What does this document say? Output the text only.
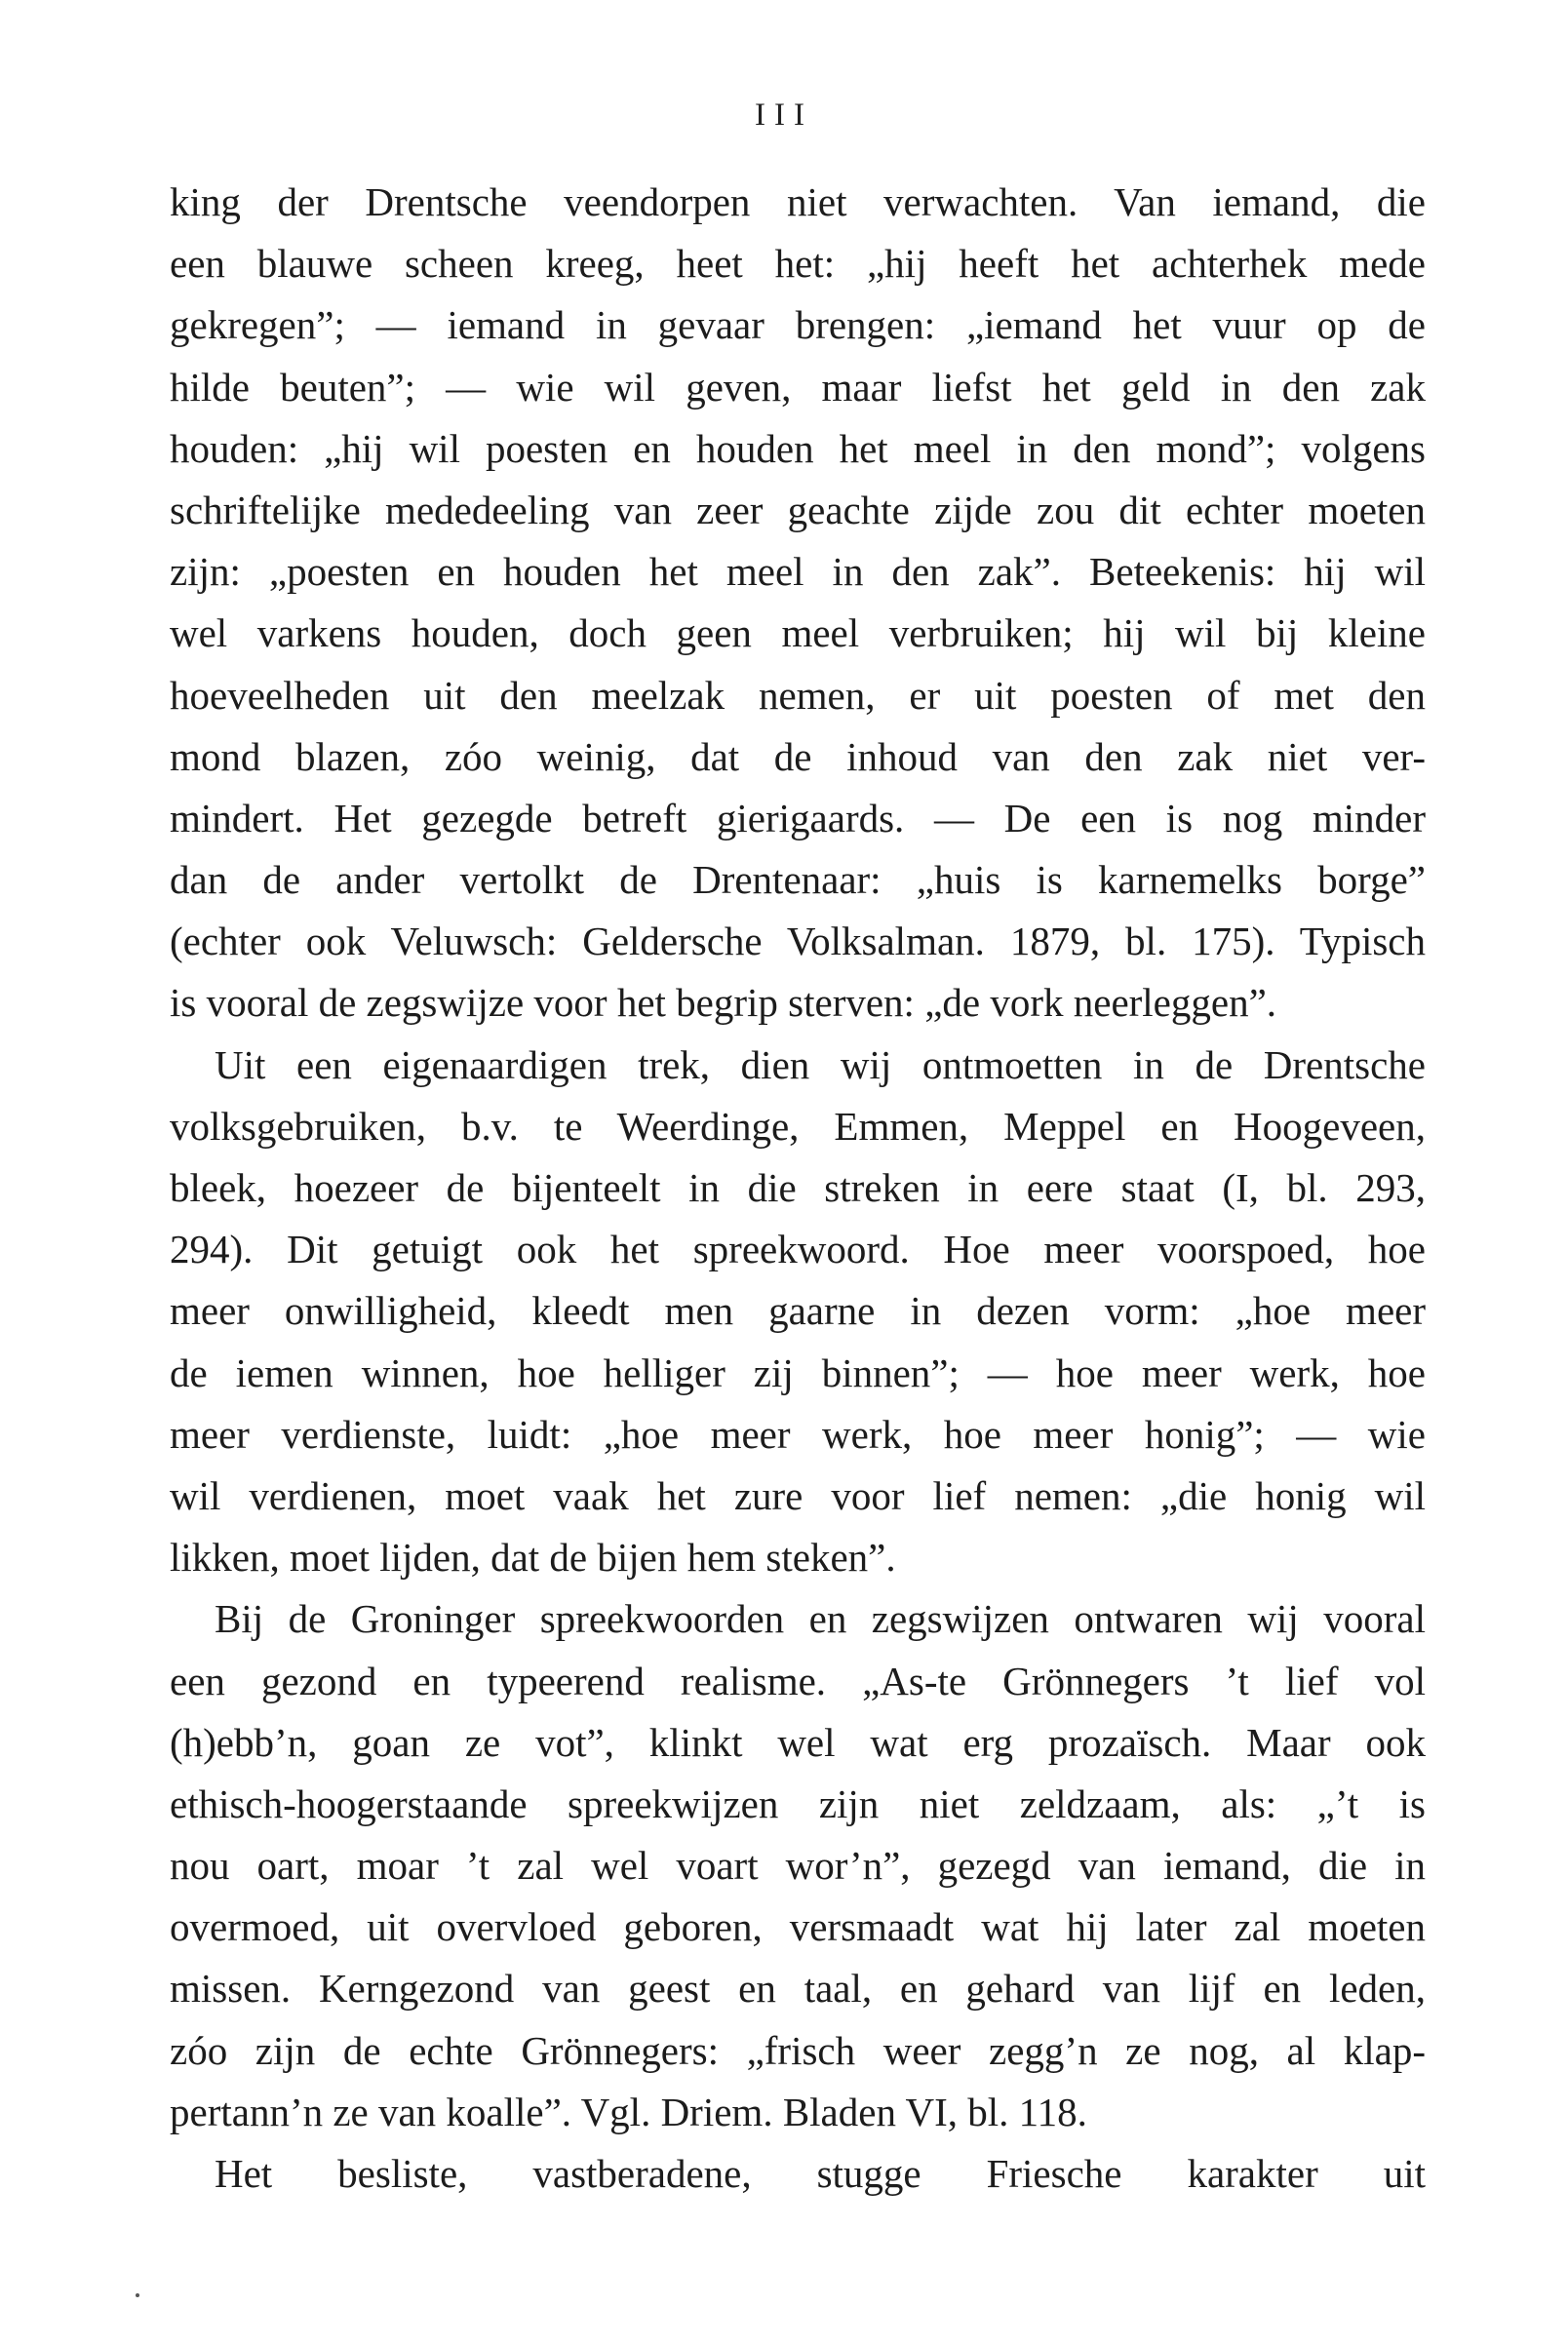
III
king der Drentsche veendorpen niet verwachten. Van iemand, die
een blauwe scheen kreeg, heet het: „hij heeft het achterhek mede
gekregen”; — iemand in gevaar brengen: „iemand het vuur op de
hilde beuten”; — wie wil geven, maar liefst het geld in den zak
houden: „hij wil poesten en houden het meel in den mond”; volgens
schriftelijke mededeeling van zeer geachte zijde zou dit echter moeten
zijn: „poesten en houden het meel in den zak”. Beteekenis: hij wil
wel varkens houden, doch geen meel verbruiken; hij wil bij kleine
hoeveelheden uit den meelzak nemen, er uit poesten of met den
mond blazen, zóo weinig, dat de inhoud van den zak niet ver-
mindert. Het gezegde betreft gierigaards. — De een is nog minder
dan de ander vertolkt de Drentenaar: „huis is karnemelks borge”
(echter ook Veluwsch: Geldersche Volksalman. 1879, bl. 175). Typisch
is vooral de zegswijze voor het begrip sterven: „de vork neerleggen”.
Uit een eigenaardigen trek, dien wij ontmoetten in de Drentsche
volksgebruiken, b.v. te Weerdinge, Emmen, Meppel en Hoogeveen,
bleek, hoezeer de bijenteelt in die streken in eere staat (I, bl. 293,
294). Dit getuigt ook het spreekwoord. Hoe meer voorspoed, hoe
meer onwilligheid, kleedt men gaarne in dezen vorm: „hoe meer
de iemen winnen, hoe helliger zij binnen”; — hoe meer werk, hoe
meer verdienste, luidt: „hoe meer werk, hoe meer honig”; — wie
wil verdienen, moet vaak het zure voor lief nemen: „die honig wil
likken, moet lijden, dat de bijen hem steken”.
Bij de Groninger spreekwoorden en zegswijzen ontwaren wij vooral
een gezond en typeerend realisme. „As-te Grönnegers ’t lief vol
(h)ebb’n, goan ze vot”, klinkt wel wat erg prozaïsch. Maar ook
ethisch-hoogerstaande spreekwijzen zijn niet zeldzaam, als: „’t is
nou oart, moar ’t zal wel voart wor’n”, gezegd van iemand, die in
overmoed, uit overvloed geboren, versmaadt wat hij later zal moeten
missen. Kerngezond van geest en taal, en gehard van lijf en leden,
zóo zijn de echte Grönnegers: „frisch weer zegg’n ze nog, al klap-
pertann’n ze van koalle”. Vgl. Driem. Bladen VI, bl. 118.
Het besliste, vastberadene, stugge Friesche karakter uit
